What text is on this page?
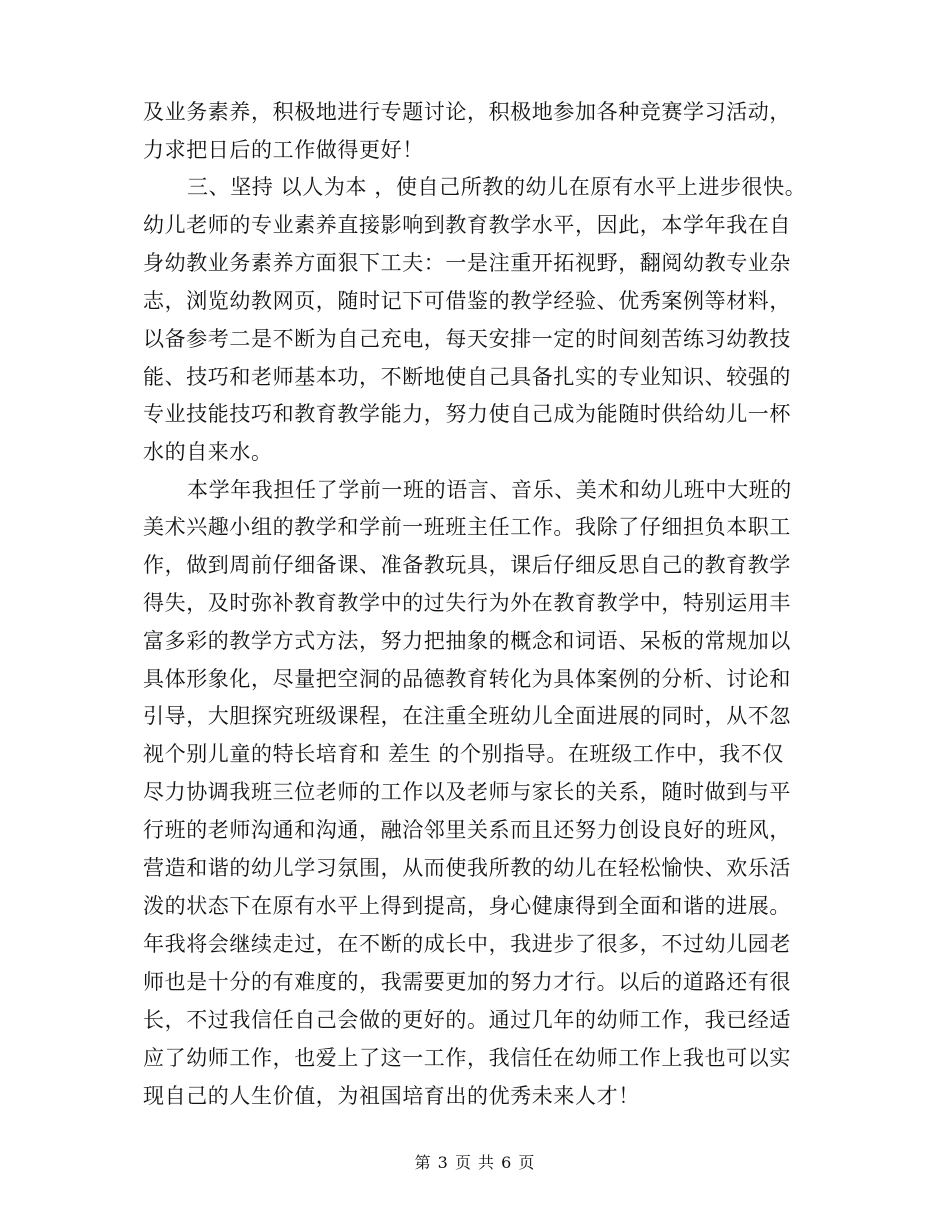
及业务素养，积极地进行专题讨论，积极地参加各种竞赛学习活动，
力求把日后的工作做得更好！
三、坚持 以人为本 ，使自己所教的幼儿在原有水平上进步很快。
幼儿老师的专业素养直接影响到教育教学水平，因此，本学年我在自
身幼教业务素养方面狠下工夫：一是注重开拓视野，翻阅幼教专业杂
志，浏览幼教网页，随时记下可借鉴的教学经验、优秀案例等材料，
以备参考二是不断为自己充电，每天安排一定的时间刻苦练习幼教技
能、技巧和老师基本功，不断地使自己具备扎实的专业知识、较强的
专业技能技巧和教育教学能力，努力使自己成为能随时供给幼儿一杯
水的自来水。
本学年我担任了学前一班的语言、音乐、美术和幼儿班中大班的
美术兴趣小组的教学和学前一班班主任工作。我除了仔细担负本职工
作，做到周前仔细备课、准备教玩具，课后仔细反思自己的教育教学
得失，及时弥补教育教学中的过失行为外在教育教学中，特别运用丰
富多彩的教学方式方法，努力把抽象的概念和词语、呆板的常规加以
具体形象化，尽量把空洞的品德教育转化为具体案例的分析、讨论和
引导，大胆探究班级课程，在注重全班幼儿全面进展的同时，从不忽
视个别儿童的特长培育和 差生 的个别指导。在班级工作中，我不仅
尽力协调我班三位老师的工作以及老师与家长的关系，随时做到与平
行班的老师沟通和沟通，融洽邻里关系而且还努力创设良好的班风，
营造和谐的幼儿学习氛围，从而使我所教的幼儿在轻松愉快、欢乐活
泼的状态下在原有水平上得到提高，身心健康得到全面和谐的进展。
年我将会继续走过，在不断的成长中，我进步了很多，不过幼儿园老
师也是十分的有难度的，我需要更加的努力才行。以后的道路还有很
长，不过我信任自己会做的更好的。通过几年的幼师工作，我已经适
应了幼师工作，也爱上了这一工作，我信任在幼师工作上我也可以实
现自己的人生价值，为祖国培育出的优秀未来人才！
第 3 页 共 6 页
